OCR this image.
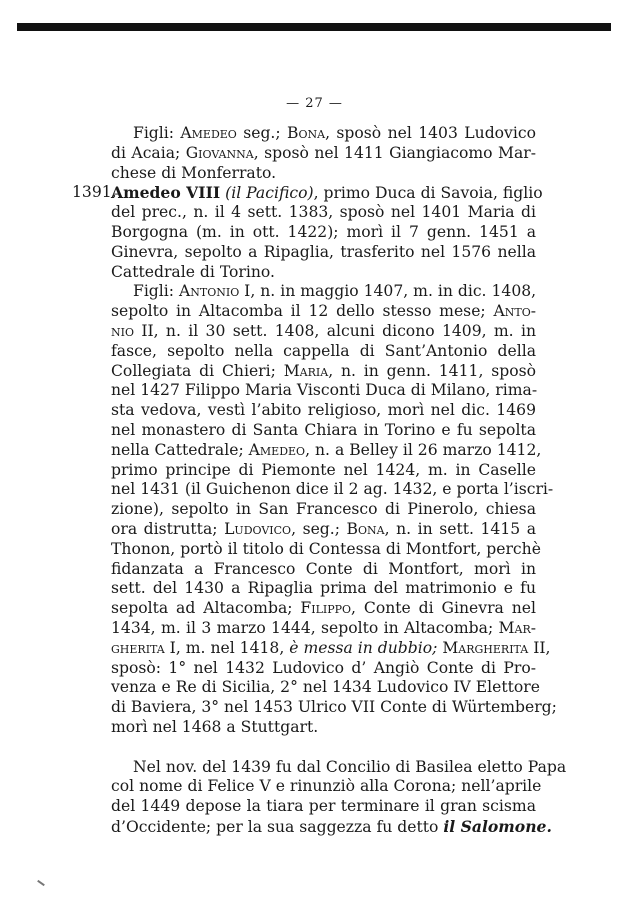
— 27 —
Figli: Amedeo seg.; Bona, sposò nel 1403 Ludovico
di Acaia; Giovanna, sposò nel 1411 Giangiacomo Mar-
chese di Monferrato.
1391.
Amedeo VIII (il Pacifico), primo Duca di Savoia, figlio
del prec., n. il 4 sett. 1383, sposò nel 1401 Maria di
Borgogna (m. in ott. 1422); morì il 7 genn. 1451 a
Ginevra, sepolto a Ripaglia, trasferito nel 1576 nella
Cattedrale di Torino.
Figli: Antonio I, n. in maggio 1407, m. in dic. 1408,
sepolto in Altacomba il 12 dello stesso mese; Anto-
nio II, n. il 30 sett. 1408, alcuni dicono 1409, m. in
fasce, sepolto nella cappella di Sant’Antonio della
Collegiata di Chieri; Maria, n. in genn. 1411, sposò
nel 1427 Filippo Maria Visconti Duca di Milano, rima-
sta vedova, vestì l’abito religioso, morì nel dic. 1469
nel monastero di Santa Chiara in Torino e fu sepolta
nella Cattedrale; Amedeo, n. a Belley il 26 marzo 1412,
primo principe di Piemonte nel 1424, m. in Caselle
nel 1431 (il Guichenon dice il 2 ag. 1432, e porta l’iscri-
zione), sepolto in San Francesco di Pinerolo, chiesa
ora distrutta; Ludovico, seg.; Bona, n. in sett. 1415 a
Thonon, portò il titolo di Contessa di Montfort, perchè
fidanzata a Francesco Conte di Montfort, morì in
sett. del 1430 a Ripaglia prima del matrimonio e fu
sepolta ad Altacomba; Filippo, Conte di Ginevra nel
1434, m. il 3 marzo 1444, sepolto in Altacomba; Mar-
gherita I, m. nel 1418, è messa in dubbio; Margherita II,
sposò: 1° nel 1432 Ludovico d’ Angiò Conte di Pro-
venza e Re di Sicilia, 2° nel 1434 Ludovico IV Elettore
di Baviera, 3° nel 1453 Ulrico VII Conte di Würtemberg;
morì nel 1468 a Stuttgart.
Nel nov. del 1439 fu dal Concilio di Basilea eletto Papa
col nome di Felice V e rinunziò alla Corona; nell’aprile
del 1449 depose la tiara per terminare il gran scisma
d’Occidente; per la sua saggezza fu detto il Salomone.
